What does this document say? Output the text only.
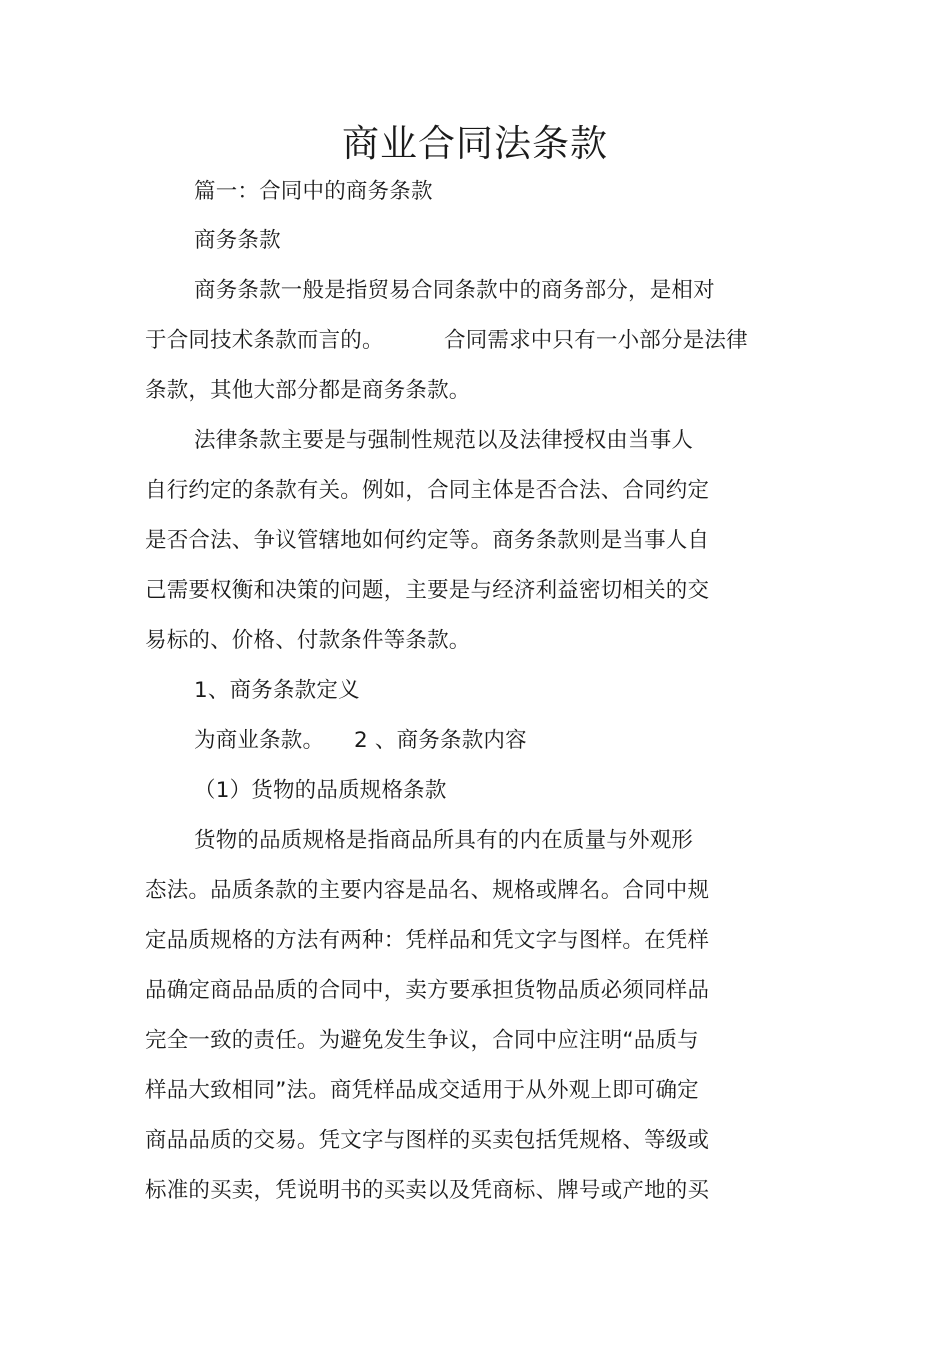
商业合同法条款
篇一：合同中的商务条款
商务条款
商务条款一般是指贸易合同条款中的商务部分，是相对
于合同技术条款而言的。	合同需求中只有一小部分是法律
条款，其他大部分都是商务条款。
法律条款主要是与强制性规范以及法律授权由当事人
自行约定的条款有关。例如，合同主体是否合法、合同约定
是否合法、争议管辖地如何约定等。商务条款则是当事人自
己需要权衡和决策的问题，主要是与经济利益密切相关的交
易标的、价格、付款条件等条款。
1、商务条款定义
为商业条款。 2 、商务条款内容
（1）货物的品质规格条款
货物的品质规格是指商品所具有的内在质量与外观形
态法。品质条款的主要内容是品名、规格或牌名。合同中规
定品质规格的方法有两种：凭样品和凭文字与图样。在凭样
品确定商品品质的合同中，卖方要承担货物品质必须同样品
完全一致的责任。为避免发生争议，合同中应注明“品质与
样品大致相同”法。商凭样品成交适用于从外观上即可确定
商品品质的交易。凭文字与图样的买卖包括凭规格、等级或
标准的买卖，凭说明书的买卖以及凭商标、牌号或产地的买
